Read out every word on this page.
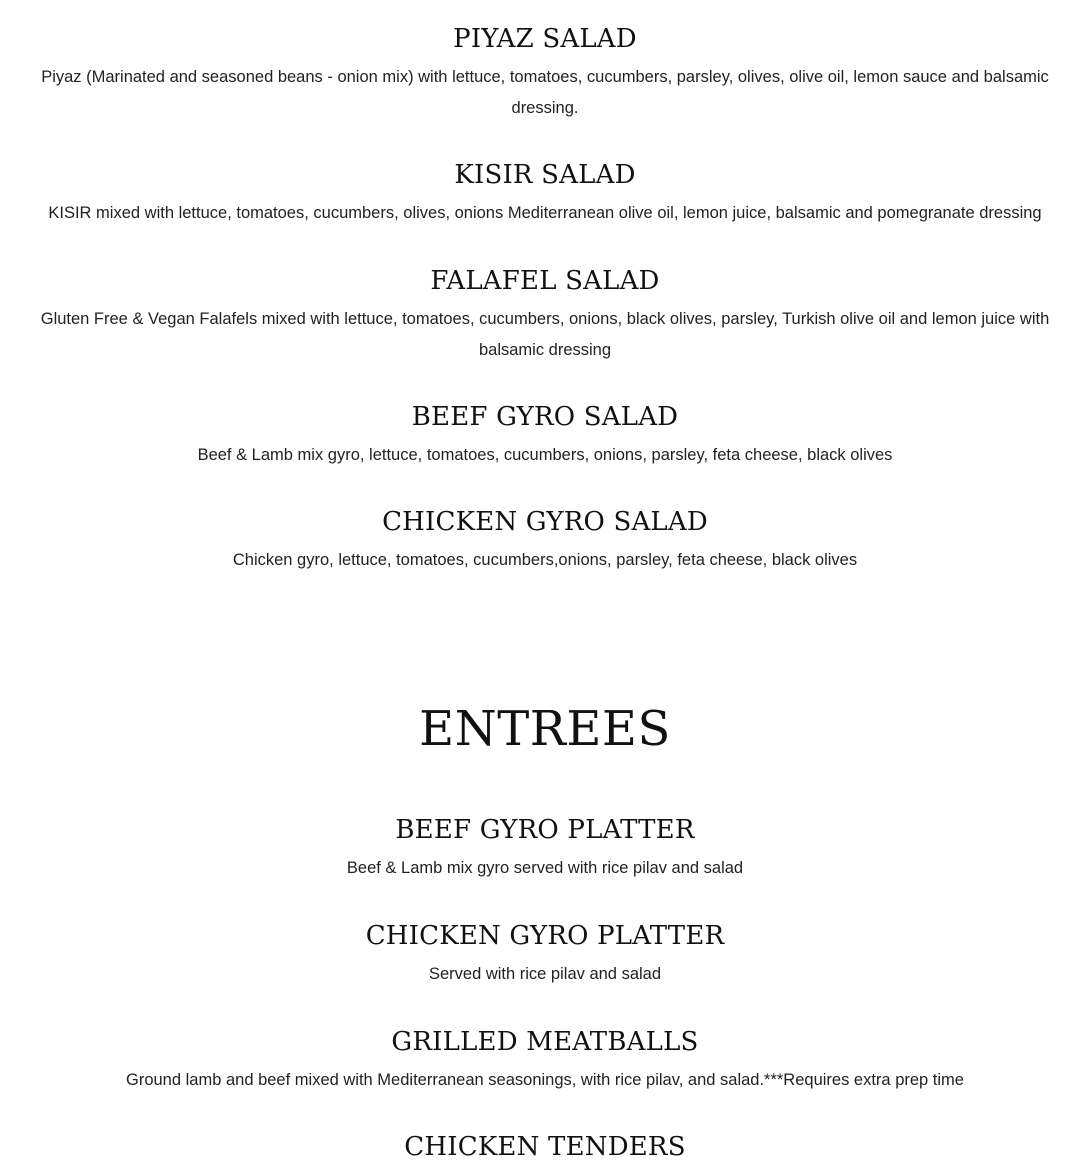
PIYAZ SALAD

Piyaz (Marinated and seasoned beans - onion mix) with lettuce, tomatoes, cucumbers, parsley, olives, olive oil, lemon sauce and balsamic dressing.

KISIR SALAD

KISIR mixed with lettuce, tomatoes, cucumbers, olives, onions Mediterranean olive oil, lemon juice, balsamic and pomegranate dressing

FALAFEL SALAD

Gluten Free & Vegan Falafels mixed with lettuce, tomatoes, cucumbers, onions, black olives, parsley, Turkish olive oil and lemon juice with balsamic dressing

BEEF GYRO SALAD

Beef & Lamb mix gyro, lettuce, tomatoes, cucumbers, onions, parsley, feta cheese, black olives

CHICKEN GYRO SALAD

Chicken gyro, lettuce, tomatoes, cucumbers,onions, parsley, feta cheese, black olives

ENTREES
BEEF GYRO PLATTER

Beef & Lamb mix gyro served with rice pilav and salad

CHICKEN GYRO PLATTER

Served with rice pilav and salad

GRILLED MEATBALLS

Ground lamb and beef mixed with Mediterranean seasonings, with rice pilav, and salad.***Requires extra prep time

CHICKEN TENDERS
